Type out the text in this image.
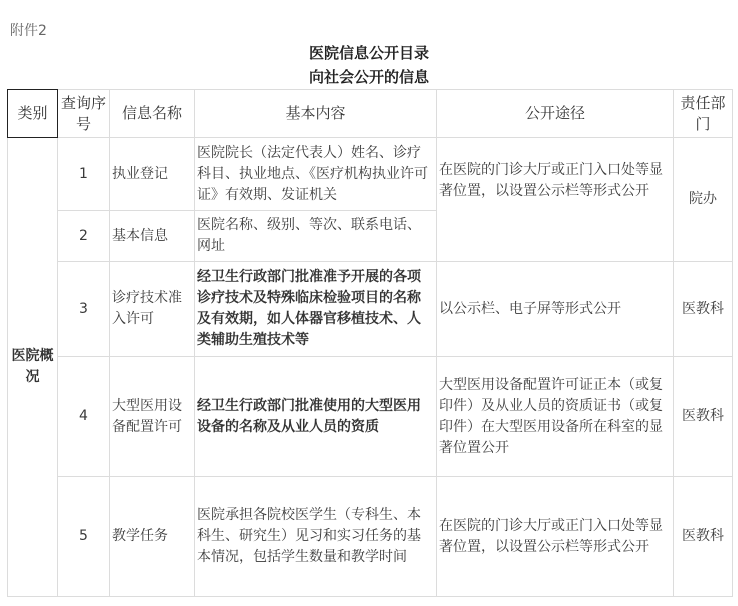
附件2
医院信息公开目录
向社会公开的信息
类别	查询序号	信息名称	基本内容	公开途径	责任部门
医院概况	1	执业登记	医院院长（法定代表人）姓名、诊疗科目、执业地点、《医疗机构执业许可证》有效期、发证机关	在医院的门诊大厅或正门入口处等显著位置，以设置公示栏等形式公开	院办
	2	基本信息	医院名称、级别、等次、联系电话、网址		
	3	诊疗技术准入许可	经卫生行政部门批准准予开展的各项诊疗技术及特殊临床检验项目的名称及有效期，如人体器官移植技术、人类辅助生殖技术等	以公示栏、电子屏等形式公开	医教科
	4	大型医用设备配置许可	经卫生行政部门批准使用的大型医用设备的名称及从业人员的资质	大型医用设备配置许可证正本（或复印件）及从业人员的资质证书（或复印件）在大型医用设备所在科室的显著位置公开	医教科
	5	教学任务	医院承担各院校医学生（专科生、本科生、研究生）见习和实习任务的基本情况，包括学生数量和教学时间	在医院的门诊大厅或正门入口处等显著位置，以设置公示栏等形式公开	医教科
